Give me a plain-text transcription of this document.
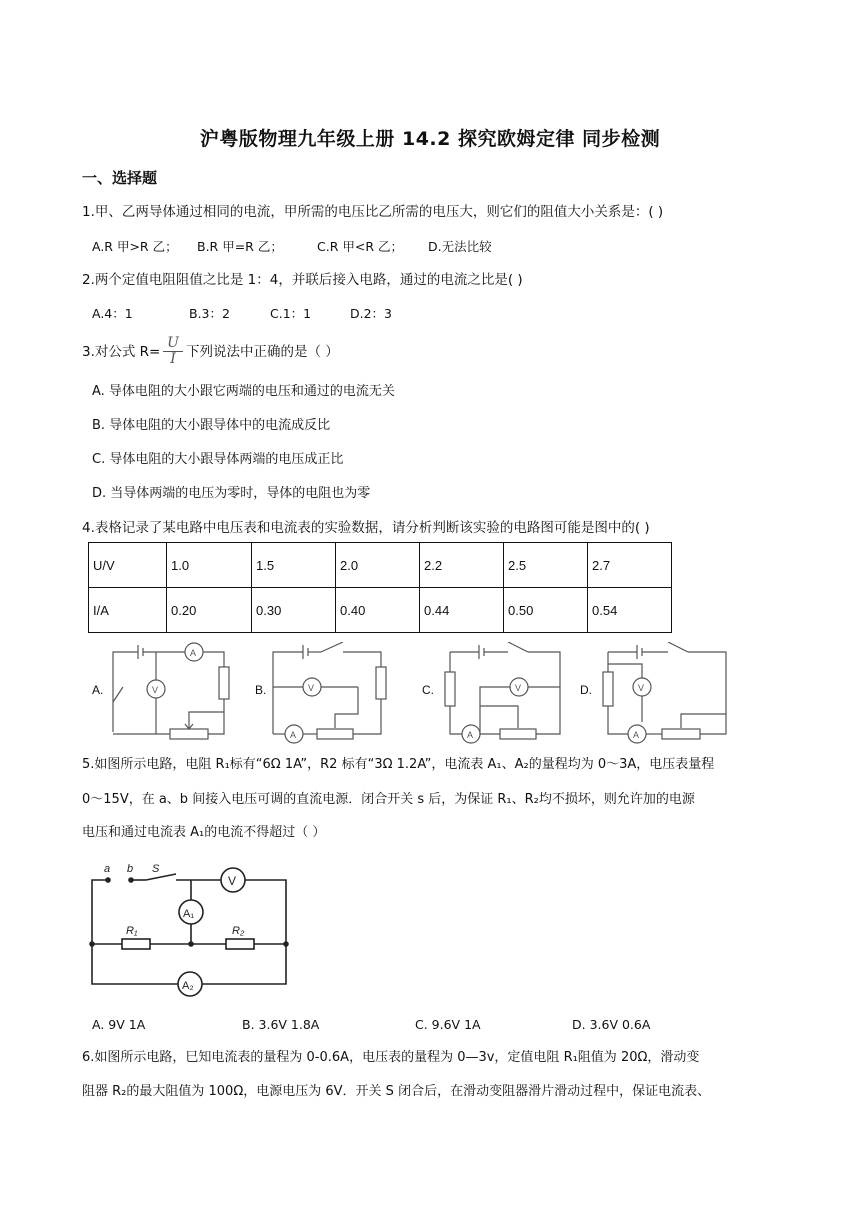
沪粤版物理九年级上册 14.2 探究欧姆定律 同步检测
一、选择题
1.甲、乙两导体通过相同的电流，甲所需的电压比乙所需的电压大，则它们的阻值大小关系是：( )
A.R 甲>R 乙； B.R 甲=R 乙；	C.R 甲<R 乙； D.无法比较
2.两个定值电阻阻值之比是 1：4，并联后接入电路，通过的电流之比是( )
A.4：1	B.3：2	C.1：1	D.2：3
3.对公式 $R= \frac{U}{I}$ 下列说法中正确的是（ ）
A. 导体电阻的大小跟它两端的电压和通过的电流无关
B. 导体电阻的大小跟导体中的电流成反比
C. 导体电阻的大小跟导体两端的电压成正比
D. 当导体两端的电压为零时，导体的电阻也为零
4.表格记录了某电路中电压表和电流表的实验数据，请分析判断该实验的电路图可能是图中的( )
U/V	1.0	1.5	2.0	2.2	2.5	2.7
I/A	0.20	0.30	0.40	0.44	0.50	0.54
A.
A
V	B.
A
V	C.
A
V	D.
A
V
5.如图所示电路，电阻 R₁标有“6Ω 1A”，R2 标有“3Ω 1.2A”，电流表 A₁、A₂的量程均为 0～3A，电压表量程
0～15V，在 a、b 间接入电压可调的直流电源．闭合开关 s 后，为保证 R₁、R₂均不损坏，则允许加的电源
电压和通过电流表 A₁的电流不得超过（ ）
a b S
V
A₁
R₁	R₂
A₂
A. 9V 1A	B. 3.6V 1.8A	C. 9.6V 1A	D. 3.6V 0.6A
6.如图所示电路，巳知电流表的量程为 0-0.6A，电压表的量程为 0—3v，定值电阻 R₁阻值为 20Ω，滑动变
阻器 R₂的最大阻值为 100Ω，电源电压为 6V．开关 S 闭合后，在滑动变阻器滑片滑动过程中，保证电流表、
